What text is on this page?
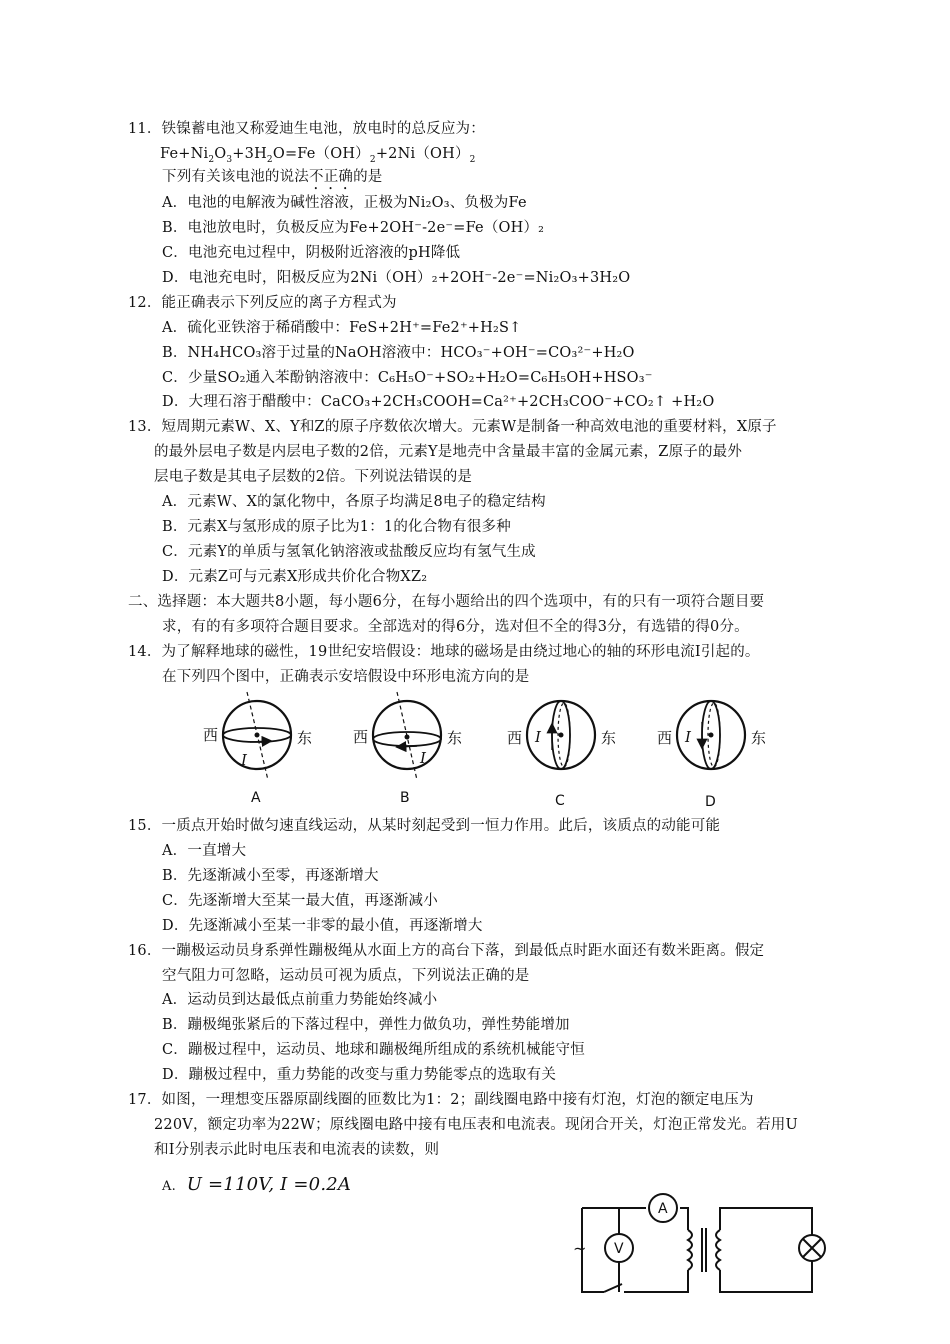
11．铁镍蓄电池又称爱迪生电池，放电时的总反应为：
$Fe+Ni_2O_3+3H_2O=Fe(OH)_2+2Ni(OH)_2$
下列有关该电池的说法不正确的是
A．电池的电解液为碱性溶液，正极为Ni₂O₃、负极为Fe
B．电池放电时，负极反应为Fe+2OH⁻-2e⁻=Fe（OH）₂
C．电池充电过程中，阴极附近溶液的pH降低
D．电池充电时，阳极反应为2Ni（OH）₂+2OH⁻-2e⁻=Ni₂O₃+3H₂O
12．能正确表示下列反应的离子方程式为
A．硫化亚铁溶于稀硝酸中：FeS+2H⁺=Fe2⁺+H₂S↑
B．NH₄HCO₃溶于过量的NaOH溶液中：HCO₃⁻+OH⁻=CO₃²⁻+H₂O
C．少量SO₂通入苯酚钠溶液中：C₆H₅O⁻+SO₂+H₂O=C₆H₅OH+HSO₃⁻
D．大理石溶于醋酸中：CaCO₃+2CH₃COOH=Ca²⁺+2CH₃COO⁻+CO₂↑ +H₂O
13．短周期元素W、X、Y和Z的原子序数依次增大。元素W是制备一种高效电池的重要材料，X原子
的最外层电子数是内层电子数的2倍，元素Y是地壳中含量最丰富的金属元素，Z原子的最外
层电子数是其电子层数的2倍。下列说法错误的是
A．元素W、X的氯化物中，各原子均满足8电子的稳定结构
B．元素X与氢形成的原子比为1：1的化合物有很多种
C．元素Y的单质与氢氧化钠溶液或盐酸反应均有氢气生成
D．元素Z可与元素X形成共价化合物XZ₂
二、选择题：本大题共8小题，每小题6分，在每小题给出的四个选项中，有的只有一项符合题目要
求，有的有多项符合题目要求。全部选对的得6分，选对但不全的得3分，有选错的得0分。
14．为了解释地球的磁性，19世纪安培假设：地球的磁场是由绕过地心的轴的环形电流I引起的。
在下列四个图中，正确表示安培假设中环形电流方向的是
西	东
I
A
西	东
I
B
西	东
I
C
西	东
I
D
15．一质点开始时做匀速直线运动，从某时刻起受到一恒力作用。此后，该质点的动能可能
A．一直增大
B．先逐渐减小至零，再逐渐增大
C．先逐渐增大至某一最大值，再逐渐减小
D．先逐渐减小至某一非零的最小值，再逐渐增大
16．一蹦极运动员身系弹性蹦极绳从水面上方的高台下落，到最低点时距水面还有数米距离。假定
空气阻力可忽略，运动员可视为质点，下列说法正确的是
A．运动员到达最低点前重力势能始终减小
B．蹦极绳张紧后的下落过程中，弹性力做负功，弹性势能增加
C．蹦极过程中，运动员、地球和蹦极绳所组成的系统机械能守恒
D．蹦极过程中，重力势能的改变与重力势能零点的选取有关
17．如图，一理想变压器原副线圈的匝数比为1：2；副线圈电路中接有灯泡，灯泡的额定电压为
220V，额定功率为22W；原线圈电路中接有电压表和电流表。现闭合开关，灯泡正常发光。若用U
和I分别表示此时电压表和电流表的读数，则
A. U =110V, I =0.2A
A
V
~
